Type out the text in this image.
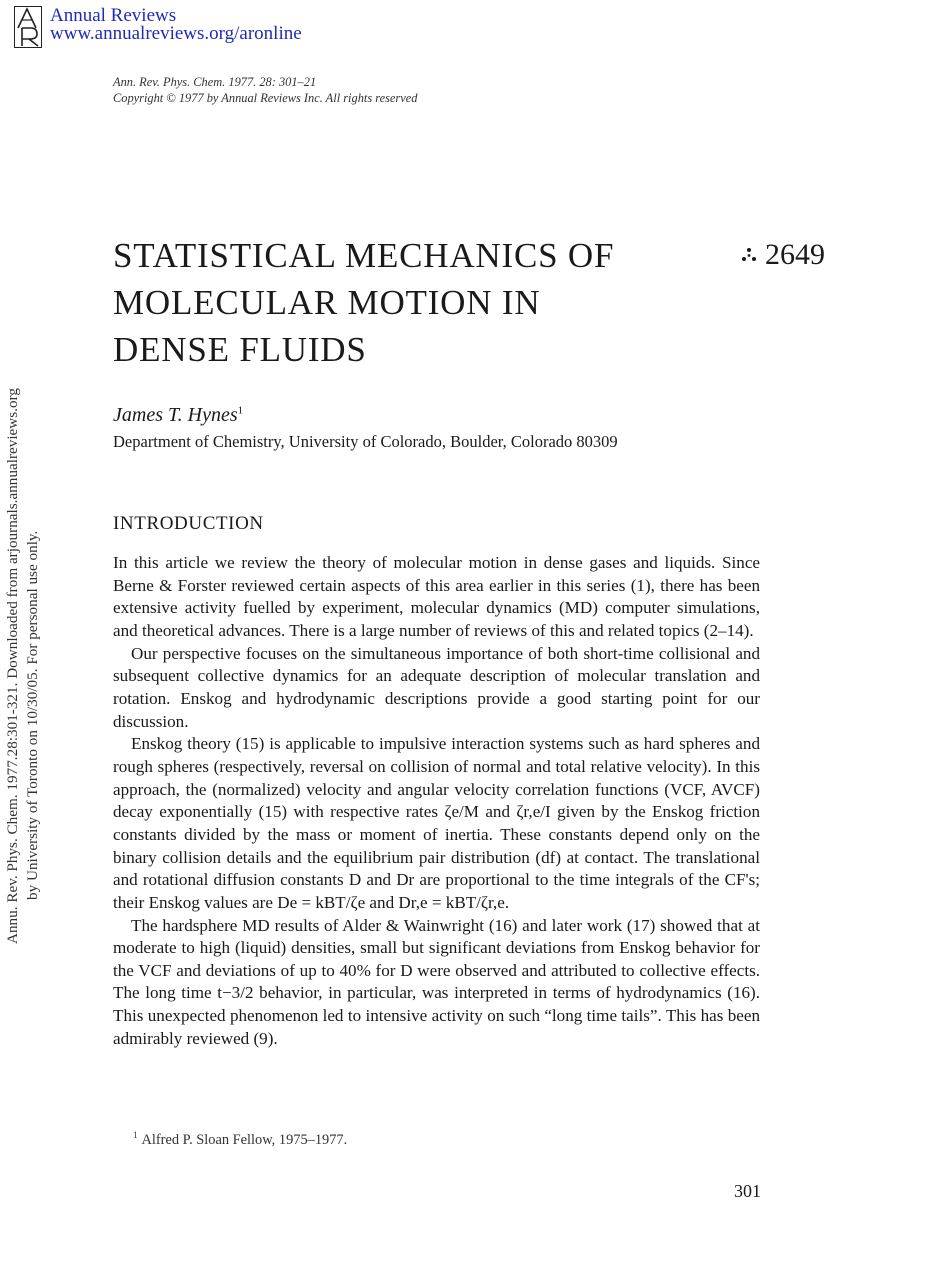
Annual Reviews
www.annualreviews.org/aronline
Ann. Rev. Phys. Chem. 1977. 28: 301–21
Copyright © 1977 by Annual Reviews Inc. All rights reserved
Annu. Rev. Phys. Chem. 1977.28:301-321. Downloaded from arjournals.annualreviews.org by University of Toronto on 10/30/05. For personal use only.
STATISTICAL MECHANICS OF
MOLECULAR MOTION IN
DENSE FLUIDS
2649
James T. Hynes$^1$
Department of Chemistry, University of Colorado, Boulder, Colorado 80309
INTRODUCTION

In this article we review the theory of molecular motion in dense gases and liquids. Since Berne & Forster reviewed certain aspects of this area earlier in this series (1), there has been extensive activity fuelled by experiment, molecular dynamics (MD) computer simulations, and theoretical advances. There is a large number of reviews of this and related topics (2–14).

Our perspective focuses on the simultaneous importance of both short-time collisional and subsequent collective dynamics for an adequate description of molecular translation and rotation. Enskog and hydrodynamic descriptions provide a good starting point for our discussion.

Enskog theory (15) is applicable to impulsive interaction systems such as hard spheres and rough spheres (respectively, reversal on collision of normal and total relative velocity). In this approach, the (normalized) velocity and angular velocity correlation functions (VCF, AVCF) decay exponentially (15) with respective rates ζe/M and ζr,e/I given by the Enskog friction constants divided by the mass or moment of inertia. These constants depend only on the binary collision details and the equilibrium pair distribution (df) at contact. The translational and rotational diffusion constants D and Dr are proportional to the time integrals of the CF's; their Enskog values are De = kBT/ζe and Dr,e = kBT/ζr,e.

The hardsphere MD results of Alder & Wainwright (16) and later work (17) showed that at moderate to high (liquid) densities, small but significant deviations from Enskog behavior for the VCF and deviations of up to 40% for D were observed and attributed to collective effects. The long time t−3/2 behavior, in particular, was interpreted in terms of hydrodynamics (16). This unexpected phenomenon led to intensive activity on such “long time tails”. This has been admirably reviewed (9).

$^1$ Alfred P. Sloan Fellow, 1975–1977.
301
